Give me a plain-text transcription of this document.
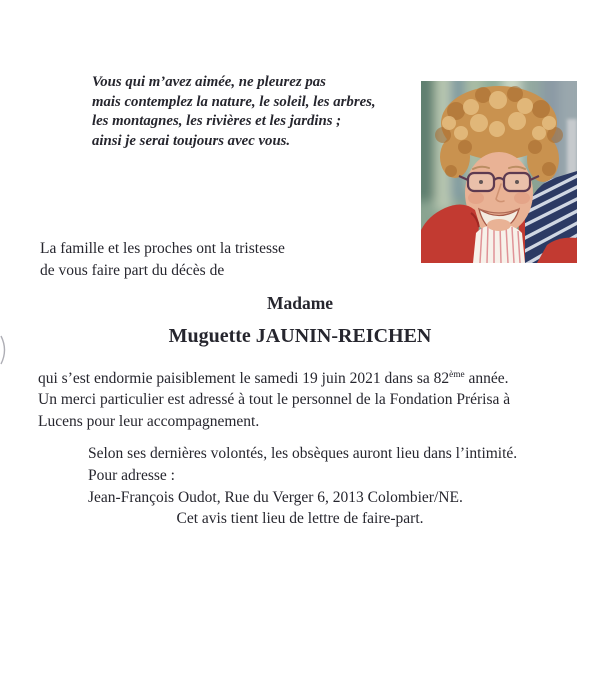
Vous qui m’avez aimée, ne pleurez pas
mais contemplez la nature, le soleil, les arbres,
les montagnes, les rivières et les jardins ;
ainsi je serai toujours avec vous.
La famille et les proches ont la tristesse
de vous faire part du décès de
Madame
Muguette JAUNIN-REICHEN
qui s’est endormie paisiblement le samedi 19 juin 2021 dans sa 82ème année.
Un merci particulier est adressé à tout le personnel de la Fondation Prérisa à
Lucens pour leur accompagnement.
Selon ses dernières volontés, les obsèques auront lieu dans l’intimité.
Pour adresse :
Jean-François Oudot, Rue du Verger 6, 2013 Colombier/NE.
Cet avis tient lieu de lettre de faire-part.
